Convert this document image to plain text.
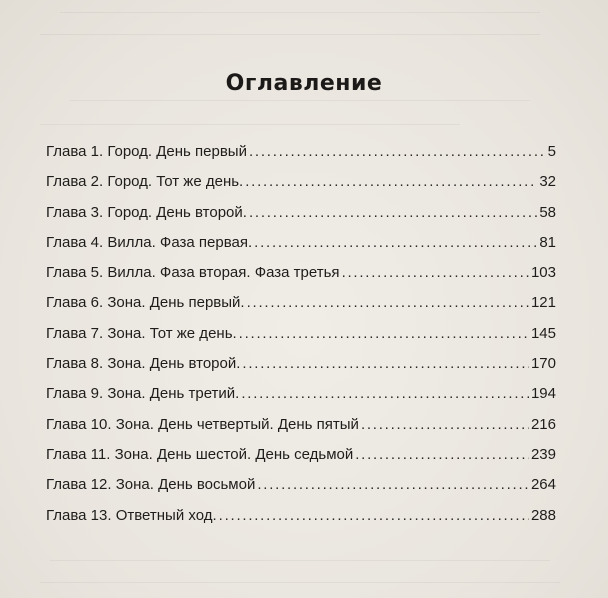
Оглавление
Глава 1. Город. День первый . . .	5
Глава 2. Город. Тот же день. . . .	32
Глава 3. Город. День второй. . . .	58
Глава 4. Вилла. Фаза первая. . . .	81
Глава 5. Вилла. Фаза вторая. Фаза третья . . .	103
Глава 6. Зона. День первый. . . .	121
Глава 7. Зона. Тот же день. . . .	145
Глава 8. Зона. День второй. . . .	170
Глава 9. Зона. День третий. . . .	194
Глава 10. Зона. День четвертый. День пятый . . .	216
Глава 11. Зона. День шестой. День седьмой . . .	239
Глава 12. Зона. День восьмой . . .	264
Глава 13. Ответный ход. . . .	288
